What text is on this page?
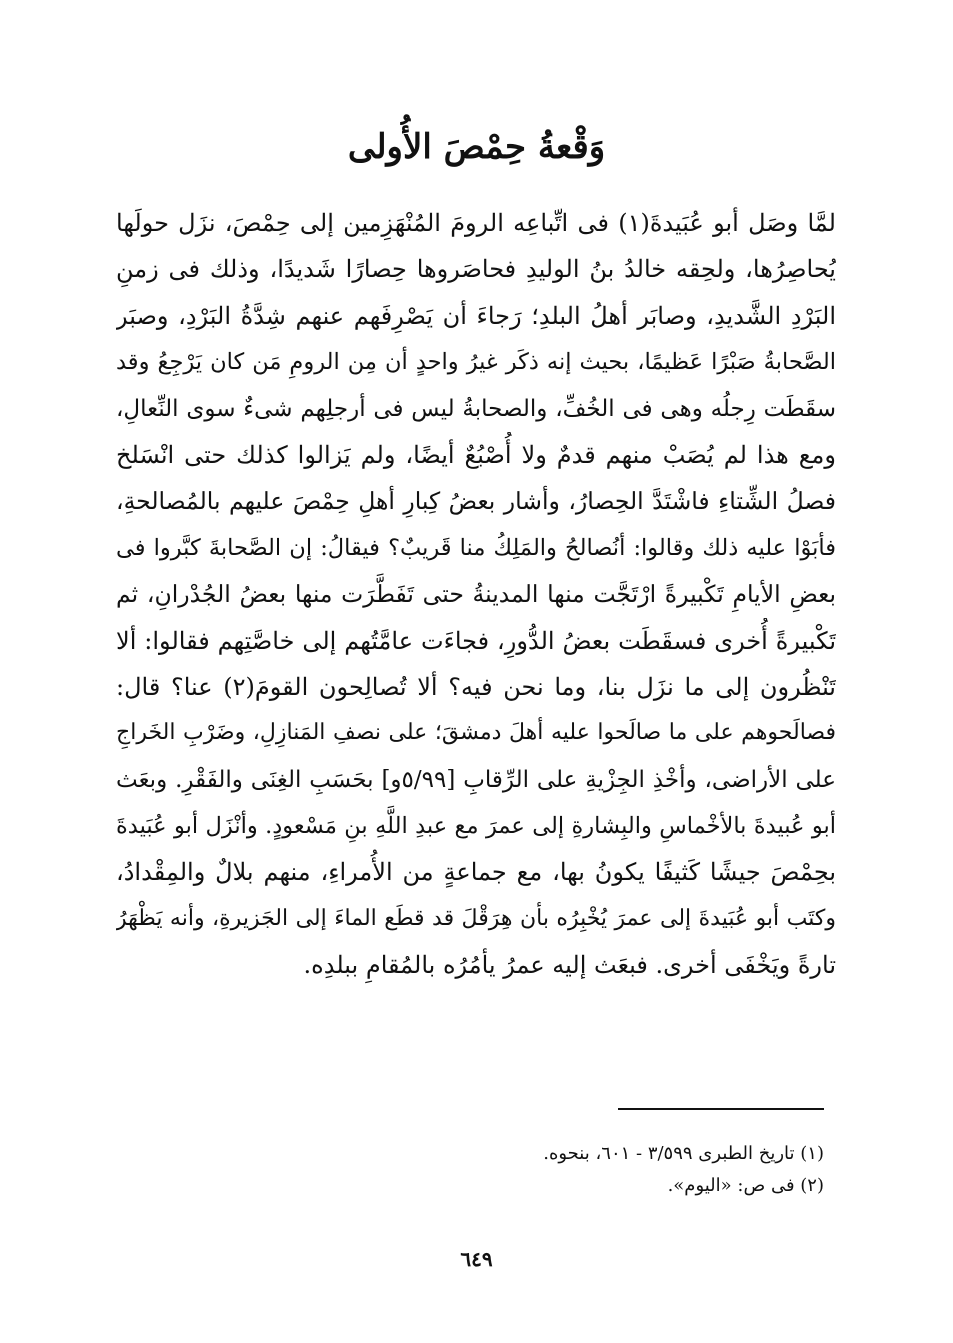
وَقْعةُ حِمْصَ الأُولى
لمَّا وصَل أبو عُبَيدةَ(١) فى اتِّباعِه الرومَ المُنْهَزِمين إلى حِمْصَ، نزَل حولَها
يُحاصِرُها، ولحِقه خالدُ بنُ الوليدِ فحاصَروها حِصارًا شَديدًا، وذلك فى زمنِ
البَرْدِ الشَّديدِ، وصابَر أهلُ البلدِ؛ رَجاءَ أن يَصْرِفَهم عنهم شِدَّةُ البَرْدِ، وصبَر
الصَّحابةُ صَبْرًا عَظيمًا، بحيث إنه ذكَر غيرُ واحدٍ أن مِن الرومِ مَن كان يَرْجِعُ وقد
سقَطَت رِجلُه وهى فى الخُفِّ، والصحابةُ ليس فى أرجلِهم شىءٌ سوى النِّعالِ،
ومع هذا لم يُصَبْ منهم قدمٌ ولا أُصْبُعٌ أيضًا، ولم يَزالوا كذلك حتى انْسَلخ
فصلُ الشِّتاءِ فاشْتَدَّ الحِصارُ، وأشار بعضُ كِبارِ أهلِ حِمْصَ عليهم بالمُصالحةِ،
فأبَوْا عليه ذلك وقالوا: أنُصالحُ والمَلِكُ منا قَريبٌ؟ فيقالُ: إن الصَّحابةَ كبَّروا فى
بعضِ الأيامِ تَكْبيرةً ارْتَجَّت منها المدينةُ حتى تَفَطَّرَت منها بعضُ الجُدْرانِ، ثم
تَكْبيرةً أُخرى فسقَطَت بعضُ الدُّورِ، فجاءَت عامَّتُهم إلى خاصَّتِهم فقالوا: ألا
تَنْظُرون إلى ما نزَل بنا، وما نحن فيه؟ ألا تُصالِحون القومَ(٢) عنا؟ قال:
فصالَحوهم على ما صالَحوا عليه أهلَ دمشقَ؛ على نصفِ المَنازِلِ، وضَرْبِ الخَراجِ
على الأراضى، وأخْذِ الجِزْيةِ على الرِّقابِ [٥/٩٩و] بحَسَبِ الغِنَى والفَقْرِ. وبعَث
أبو عُبيدةَ بالأخْماسِ والبِشارةِ إلى عمرَ مع عبدِ اللَّهِ بنِ مَسْعودٍ. وأنْزَل أبو عُبَيدةَ
بحِمْصَ جيشًا كَثيفًا يكونُ بها، مع جماعةٍ من الأُمراءِ، منهم بلالٌ والمِقْدادُ،
وكتَب أبو عُبَيدةَ إلى عمرَ يُخْبِرُه بأن هِرَقْلَ قد قطَع الماءَ إلى الجَزيرةِ، وأنه يَظْهَرُ
تارةً ويَخْفَى أخرى. فبعَث إليه عمرُ يأمُرُه بالمُقامِ ببلدِه.
(١) تاريخ الطبرى ٣/٥٩٩ - ٦٠١، بنحوه.
(٢) فى ص: «اليوم».
٦٤٩
